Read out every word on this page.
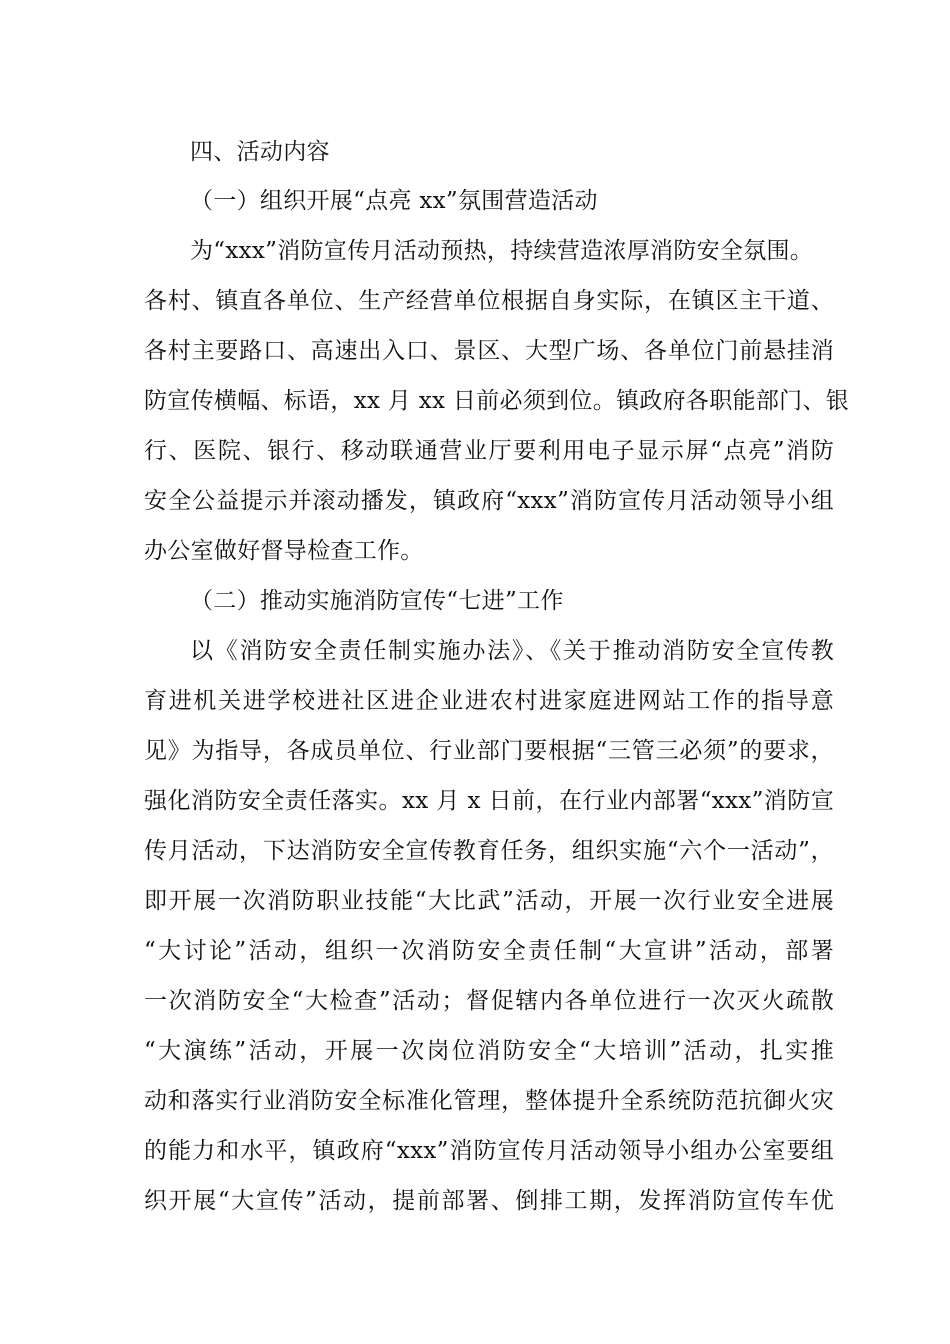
四、活动内容
（一）组织开展“点亮 xx”氛围营造活动
为“xxx”消防宣传月活动预热，持续营造浓厚消防安全氛围。
各村、镇直各单位、生产经营单位根据自身实际，在镇区主干道、
各村主要路口、高速出入口、景区、大型广场、各单位门前悬挂消
防宣传横幅、标语，xx 月 xx 日前必须到位。镇政府各职能部门、银
行、医院、银行、移动联通营业厅要利用电子显示屏“点亮”消防
安全公益提示并滚动播发，镇政府“xxx”消防宣传月活动领导小组
办公室做好督导检查工作。
（二）推动实施消防宣传“七进”工作
以《消防安全责任制实施办法》、《关于推动消防安全宣传教
育进机关进学校进社区进企业进农村进家庭进网站工作的指导意
见》为指导，各成员单位、行业部门要根据“三管三必须”的要求，
强化消防安全责任落实。xx 月 x 日前，在行业内部署“xxx”消防宣
传月活动，下达消防安全宣传教育任务，组织实施“六个一活动”，
即开展一次消防职业技能“大比武”活动，开展一次行业安全进展
“大讨论”活动，组织一次消防安全责任制“大宣讲”活动，部署
一次消防安全“大检查”活动；督促辖内各单位进行一次灭火疏散
“大演练”活动，开展一次岗位消防安全“大培训”活动，扎实推
动和落实行业消防安全标准化管理，整体提升全系统防范抗御火灾
的能力和水平，镇政府“xxx”消防宣传月活动领导小组办公室要组
织开展“大宣传”活动，提前部署、倒排工期，发挥消防宣传车优
